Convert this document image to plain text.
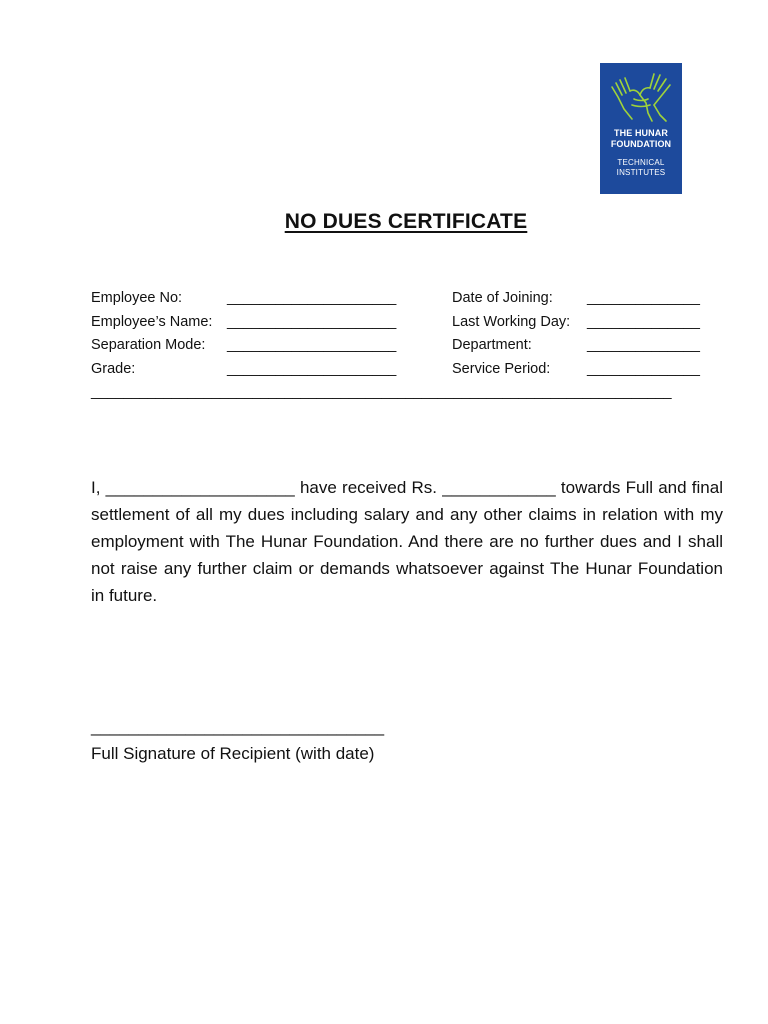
THE HUNAR
FOUNDATION
TECHNICAL
INSTITUTES
NO DUES CERTIFICATE
Employee No:	_____________________	Date of Joining: ______________
Employee’s Name: _____________________	Last Working Day: ______________
Separation Mode: _____________________	Department:	______________
Grade:	_____________________	Service Period:	______________
________________________________________________________________________
I, ____________________ have received Rs. ____________ towards Full and final settlement of all my dues including salary and any other claims in relation with my employment with The Hunar Foundation. And there are no further dues and I shall not raise any further claim or demands whatsoever against The Hunar Foundation in future.
_______________________________
Full Signature of Recipient (with date)
